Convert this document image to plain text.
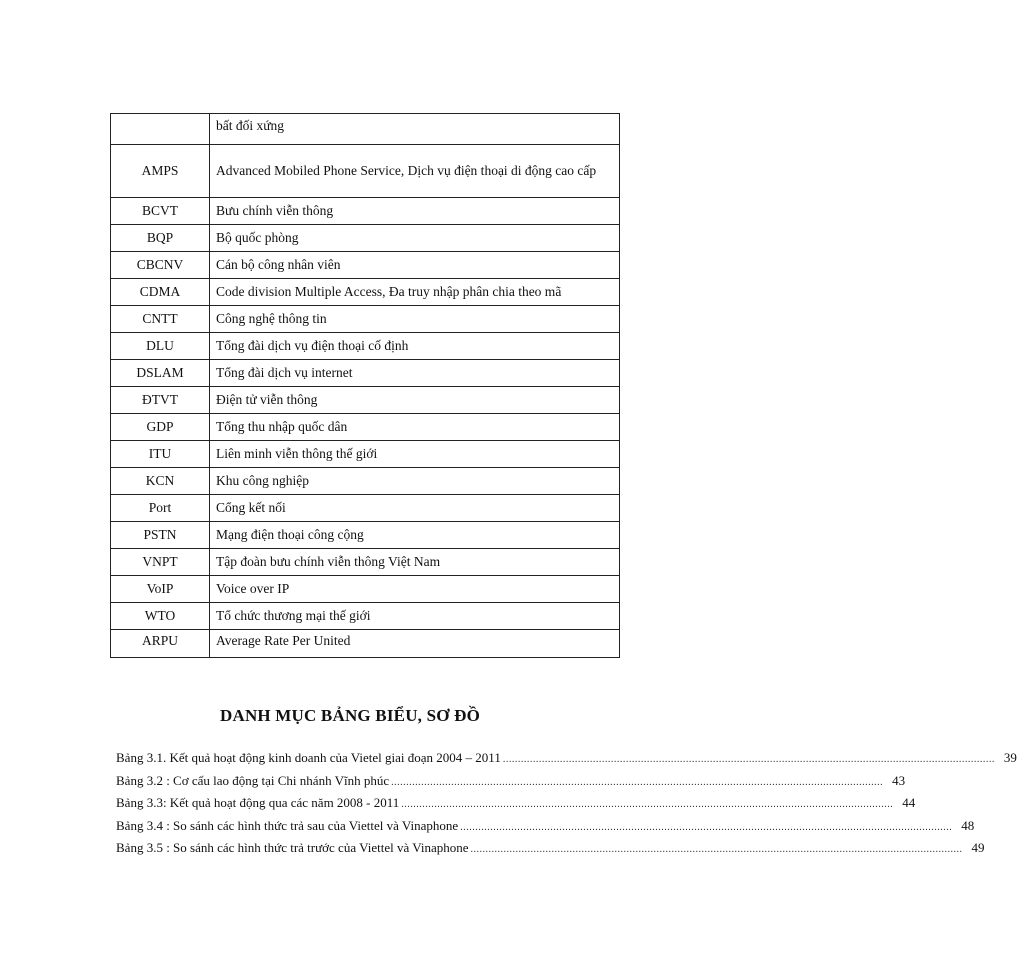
	bất đối xứng
AMPS	Advanced Mobiled Phone Service, Dịch vụ điện thoại di động cao cấp
BCVT	Bưu chính viễn thông
BQP	Bộ quốc phòng
CBCNV	Cán bộ công nhân viên
CDMA	Code division Multiple Access, Đa truy nhập phân chia theo mã
CNTT	Công nghệ thông tin
DLU	Tổng đài dịch vụ điện thoại cố định
DSLAM	Tổng đài dịch vụ internet
ĐTVT	Điện tử viễn thông
GDP	Tổng thu nhập quốc dân
ITU	Liên minh viễn thông thế giới
KCN	Khu công nghiệp
Port	Cổng kết nối
PSTN	Mạng điện thoại công cộng
VNPT	Tập đoàn bưu chính viễn thông Việt Nam
VoIP	Voice over IP
WTO	Tổ chức thương mại thế giới
ARPU	Average Rate Per United
DANH MỤC BẢNG BIỂU, SƠ ĐỒ
Bảng 3.1. Kết quả hoạt động kinh doanh của Vietel giai đoạn 2004 – 2011 .................................................................................................................................................................... 39
Bảng 3.2 : Cơ cấu lao động tại Chi nhánh Vĩnh phúc .................................................................................................................................................................... 43
Bảng 3.3: Kết quả hoạt động qua các năm 2008 - 2011 .................................................................................................................................................................... 44
Bảng 3.4 : So sánh các hình thức trả sau của Viettel và Vinaphone .................................................................................................................................................................... 48
Bảng 3.5 : So sánh các hình thức trả trước của Viettel và Vinaphone .................................................................................................................................................................... 49
